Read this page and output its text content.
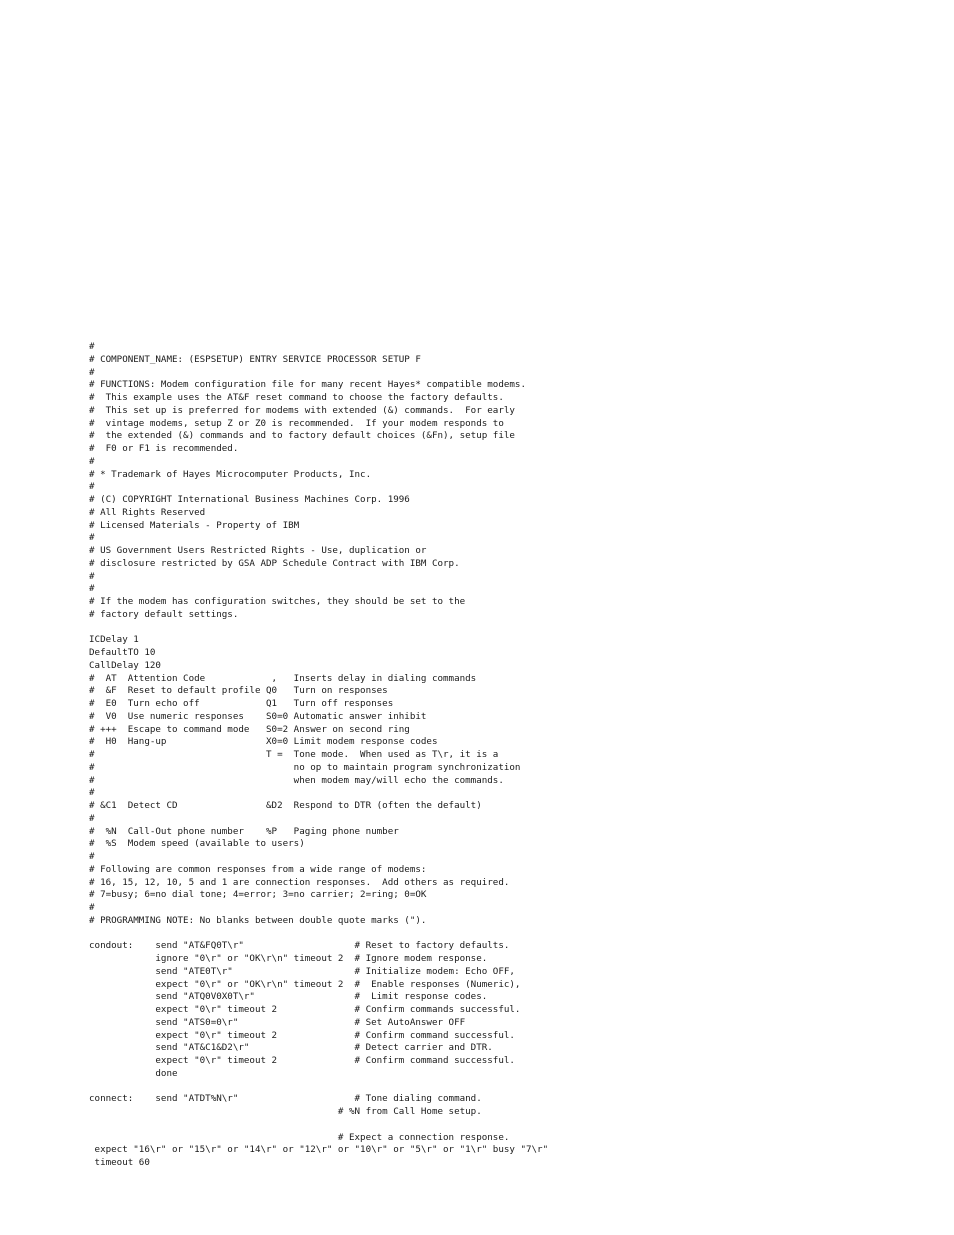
#
# COMPONENT_NAME: (ESPSETUP) ENTRY SERVICE PROCESSOR SETUP F
#
# FUNCTIONS: Modem configuration file for many recent Hayes* compatible modems.
#  This example uses the AT&F reset command to choose the factory defaults.
#  This set up is preferred for modems with extended (&) commands.  For early
#  vintage modems, setup Z or Z0 is recommended.  If your modem responds to
#  the extended (&) commands and to factory default choices (&Fn), setup file
#  F0 or F1 is recommended.
#
# * Trademark of Hayes Microcomputer Products, Inc.
#
# (C) COPYRIGHT International Business Machines Corp. 1996
# All Rights Reserved
# Licensed Materials - Property of IBM
#
# US Government Users Restricted Rights - Use, duplication or
# disclosure restricted by GSA ADP Schedule Contract with IBM Corp.
#
#
# If the modem has configuration switches, they should be set to the
# factory default settings.
ICDelay 1
DefaultTO 10
CallDelay 120
#  AT  Attention Code            ,   Inserts delay in dialing commands
#  &F  Reset to default profile Q0   Turn on responses
#  E0  Turn echo off            Q1   Turn off responses
#  V0  Use numeric responses    S0=0 Automatic answer inhibit
# +++  Escape to command mode   S0=2 Answer on second ring
#  H0  Hang-up                  X0=0 Limit modem response codes
#                               T =  Tone mode.  When used as T\r, it is a
#                                    no op to maintain program synchronization
#                                    when modem may/will echo the commands.
#
# &C1  Detect CD                &D2  Respond to DTR (often the default)
#
#  %N  Call-Out phone number    %P   Paging phone number
#  %S  Modem speed (available to users)
#
# Following are common responses from a wide range of modems:
# 16, 15, 12, 10, 5 and 1 are connection responses.  Add others as required.
# 7=busy; 6=no dial tone; 4=error; 3=no carrier; 2=ring; 0=OK
#
# PROGRAMMING NOTE: No blanks between double quote marks (").
condout:    send "AT&FQ0T\r"                    # Reset to factory defaults.
ignore "0\r" or "OK\r\n" timeout 2  # Ignore modem response.
send "ATE0T\r"                      # Initialize modem: Echo OFF,
expect "0\r" or "OK\r\n" timeout 2  #  Enable responses (Numeric),
send "ATQ0V0X0T\r"                  #  Limit response codes.
expect "0\r" timeout 2              # Confirm commands successful.
send "ATS0=0\r"                     # Set AutoAnswer OFF
expect "0\r" timeout 2              # Confirm command successful.
send "AT&C1&D2\r"                   # Detect carrier and DTR.
expect "0\r" timeout 2              # Confirm command successful.
done
connect:    send "ATDT%N\r"                     # Tone dialing command.
# %N from Call Home setup.
# Expect a connection response.
expect "16\r" or "15\r" or "14\r" or "12\r" or "10\r" or "5\r" or "1\r" busy "7\r"
timeout 60
